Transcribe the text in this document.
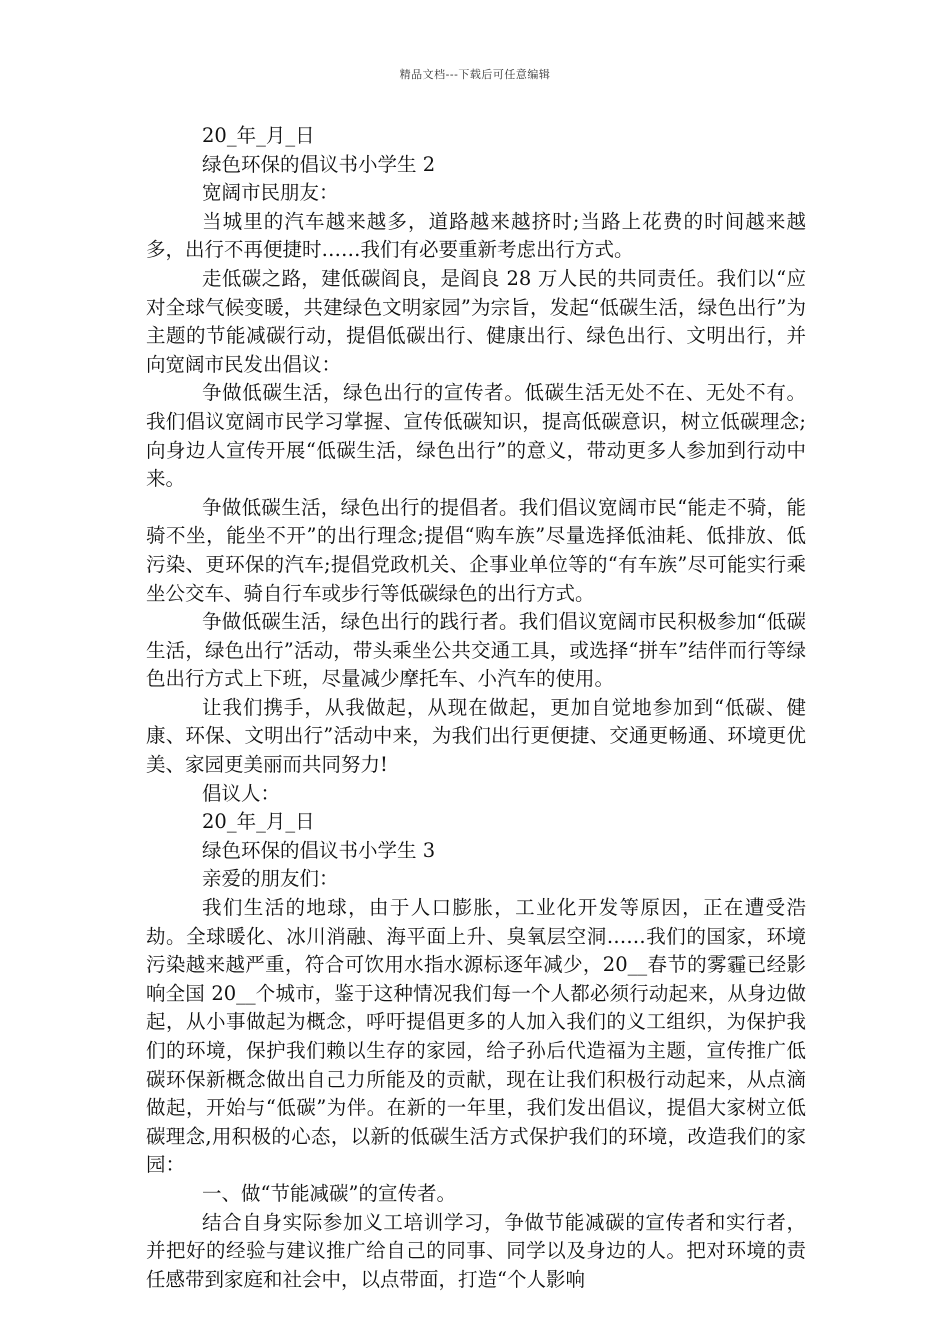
精品文档---下载后可任意编辑
20_年_月_日
绿色环保的倡议书小学生 2
宽阔市民朋友：
当城里的汽车越来越多，道路越来越挤时;当路上花费的时间越来越多，出行不再便捷时……我们有必要重新考虑出行方式。
走低碳之路，建低碳阎良，是阎良 28 万人民的共同责任。我们以“应对全球气候变暖，共建绿色文明家园”为宗旨，发起“低碳生活，绿色出行”为主题的节能减碳行动，提倡低碳出行、健康出行、绿色出行、文明出行，并向宽阔市民发出倡议：
争做低碳生活，绿色出行的宣传者。低碳生活无处不在、无处不有。我们倡议宽阔市民学习掌握、宣传低碳知识，提高低碳意识，树立低碳理念;向身边人宣传开展“低碳生活，绿色出行”的意义，带动更多人参加到行动中来。
争做低碳生活，绿色出行的提倡者。我们倡议宽阔市民“能走不骑，能骑不坐，能坐不开”的出行理念;提倡“购车族”尽量选择低油耗、低排放、低污染、更环保的汽车;提倡党政机关、企事业单位等的“有车族”尽可能实行乘坐公交车、骑自行车或步行等低碳绿色的出行方式。
争做低碳生活，绿色出行的践行者。我们倡议宽阔市民积极参加“低碳生活，绿色出行”活动，带头乘坐公共交通工具，或选择“拼车”结伴而行等绿色出行方式上下班，尽量减少摩托车、小汽车的使用。
让我们携手，从我做起，从现在做起，更加自觉地参加到“低碳、健康、环保、文明出行”活动中来，为我们出行更便捷、交通更畅通、环境更优美、家园更美丽而共同努力!
倡议人：
20_年_月_日
绿色环保的倡议书小学生 3
亲爱的朋友们：
我们生活的地球，由于人口膨胀，工业化开发等原因，正在遭受浩劫。全球暖化、冰川消融、海平面上升、臭氧层空洞……我们的国家，环境污染越来越严重，符合可饮用水指水源标逐年减少，20__春节的雾霾已经影响全国 20__个城市，鉴于这种情况我们每一个人都必须行动起来，从身边做起，从小事做起为概念，呼吁提倡更多的人加入我们的义工组织，为保护我们的环境，保护我们赖以生存的家园，给子孙后代造福为主题，宣传推广低碳环保新概念做出自己力所能及的贡献，现在让我们积极行动起来，从点滴做起，开始与“低碳”为伴。在新的一年里，我们发出倡议，提倡大家树立低碳理念,用积极的心态，以新的低碳生活方式保护我们的环境，改造我们的家园：
一、做“节能减碳”的宣传者。
结合自身实际参加义工培训学习，争做节能减碳的宣传者和实行者，并把好的经验与建议推广给自己的同事、同学以及身边的人。把对环境的责任感带到家庭和社会中，以点带面，打造“个人影响
